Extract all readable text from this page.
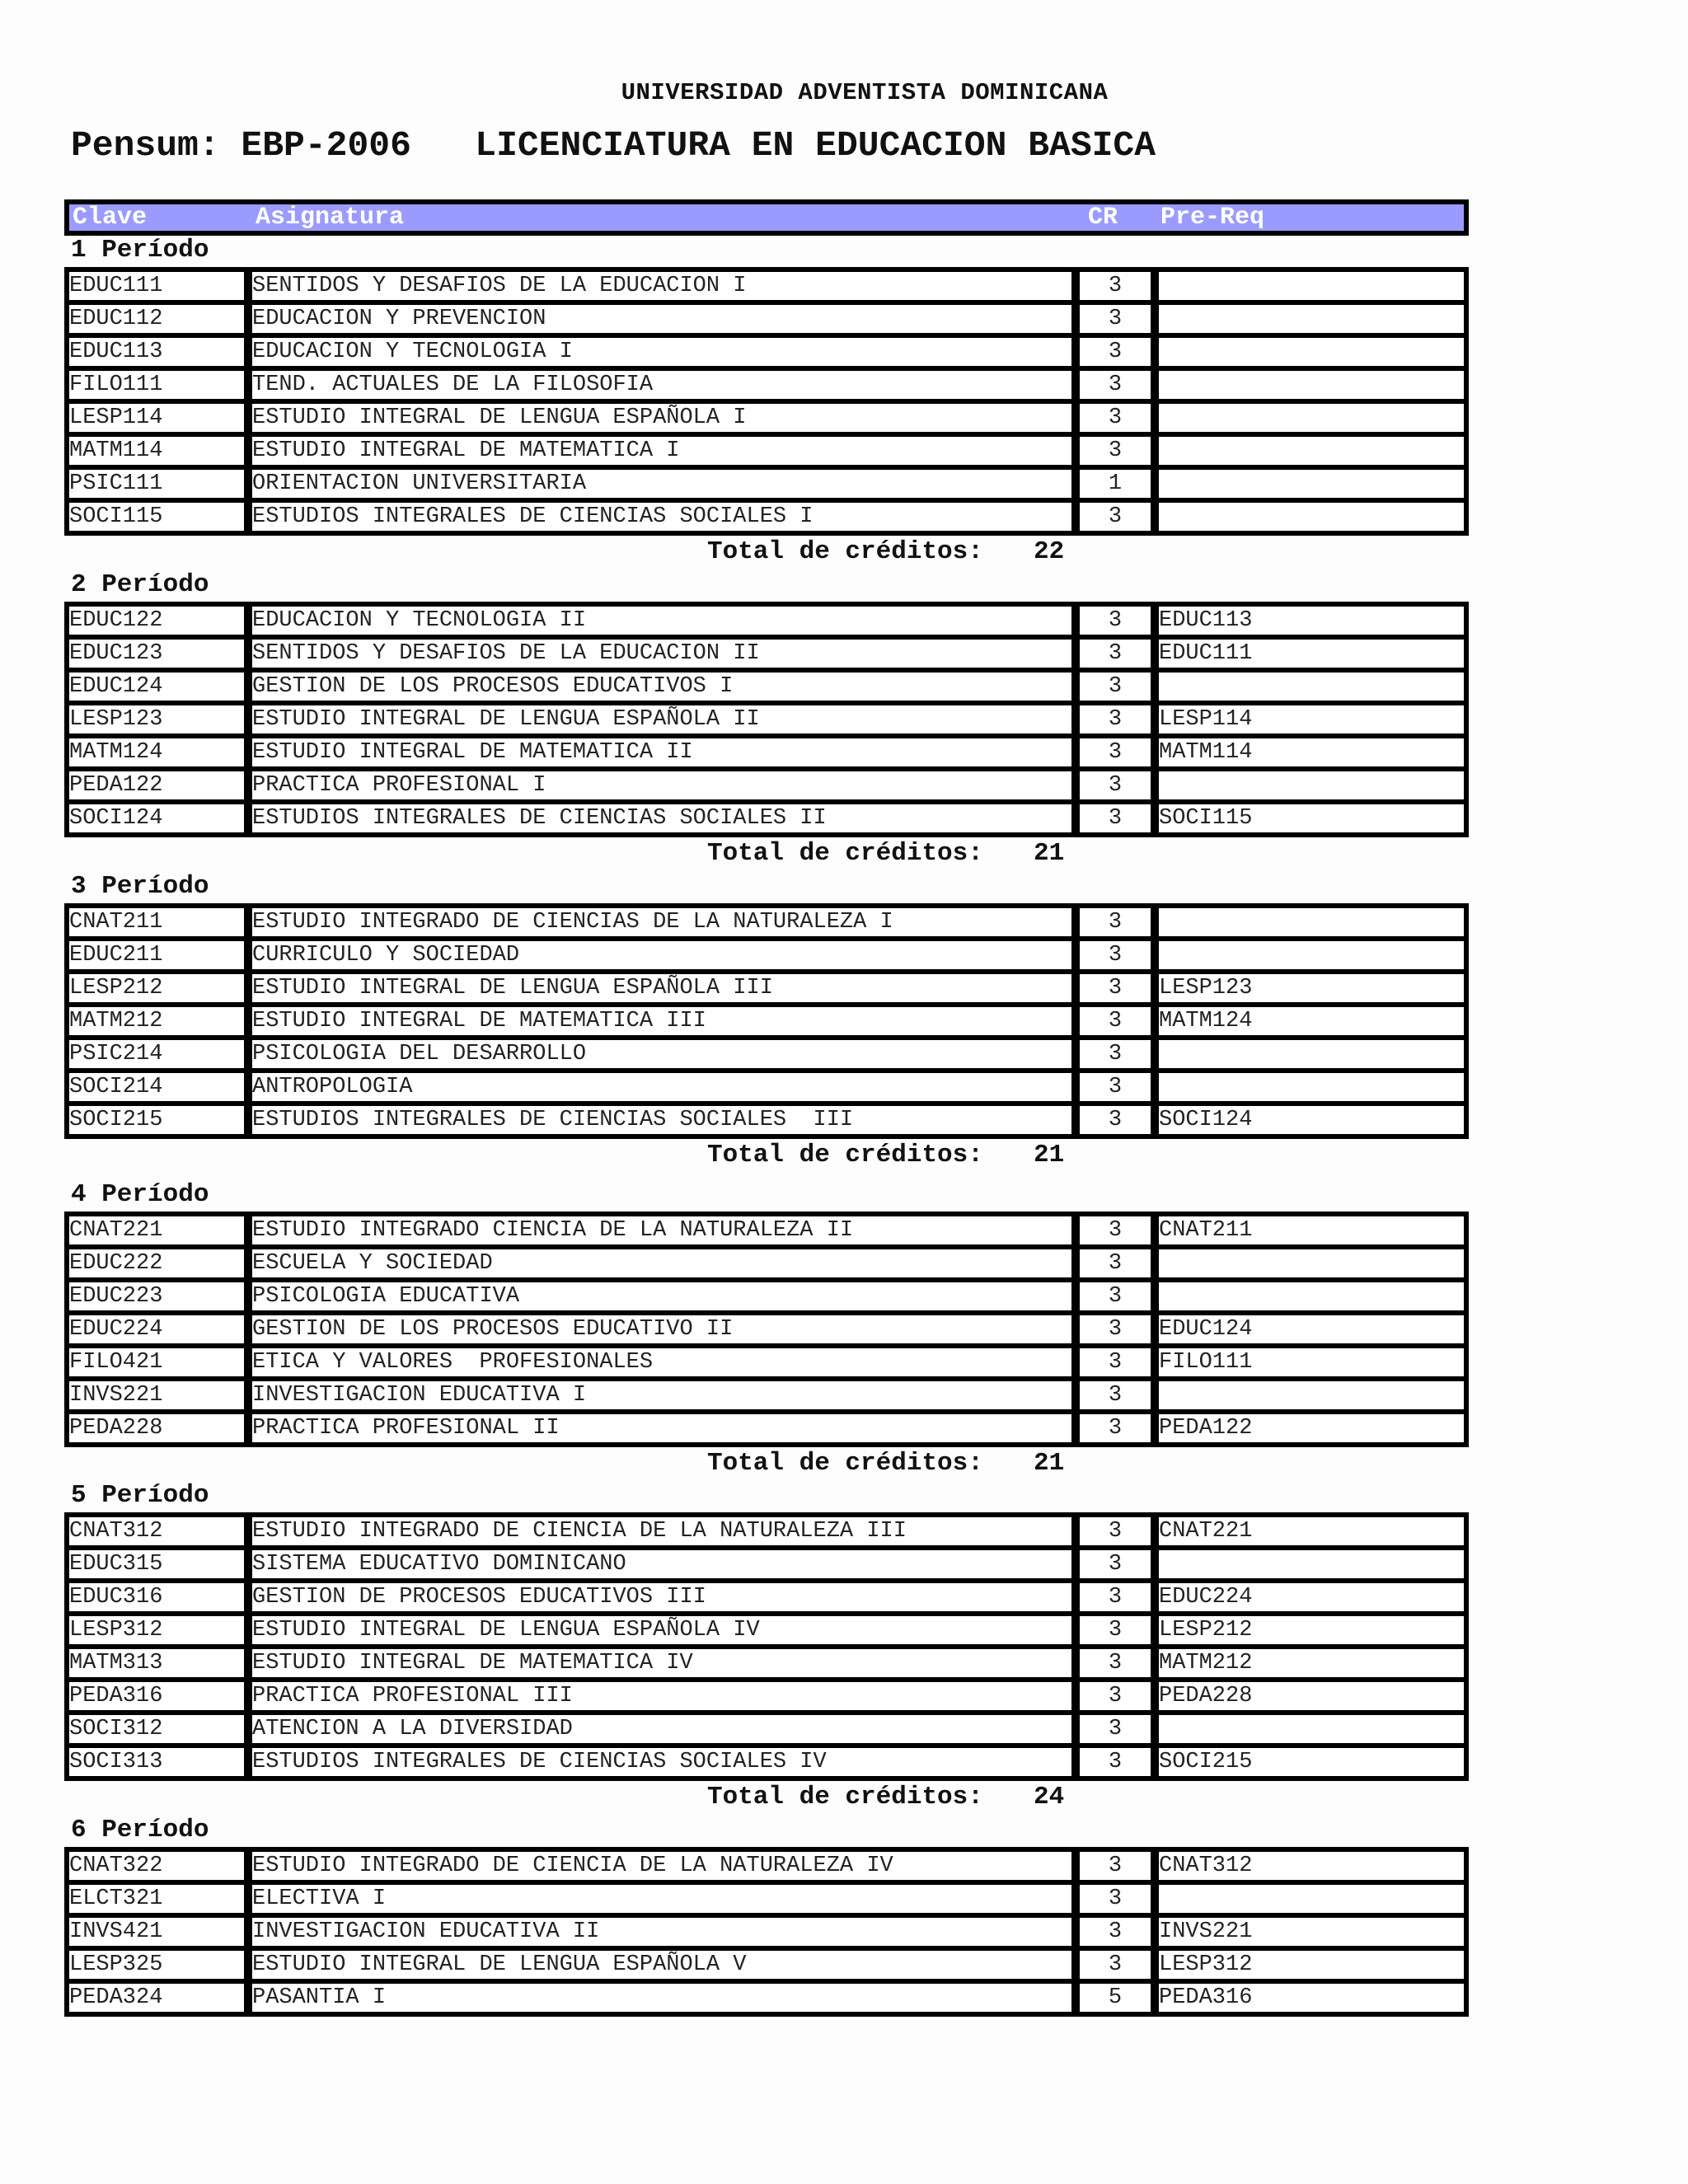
UNIVERSIDAD ADVENTISTA DOMINICANA
Pensum: EBP-2006 LICENCIATURA EN EDUCACION BASICA
Clave	Asignatura	CR Pre-Req
1 Período
EDUC111	SENTIDOS Y DESAFIOS DE LA EDUCACION I	3
EDUC112	EDUCACION Y PREVENCION	3
EDUC113	EDUCACION Y TECNOLOGIA I	3
FILO111	TEND. ACTUALES DE LA FILOSOFIA	3
LESP114	ESTUDIO INTEGRAL DE LENGUA ESPAÑOLA I	3
MATM114	ESTUDIO INTEGRAL DE MATEMATICA I	3
PSIC111	ORIENTACION UNIVERSITARIA	1
SOCI115	ESTUDIOS INTEGRALES DE CIENCIAS SOCIALES I	3
Total de créditos: 22
2 Período
EDUC122	EDUCACION Y TECNOLOGIA II	3	EDUC113
EDUC123	SENTIDOS Y DESAFIOS DE LA EDUCACION II	3	EDUC111
EDUC124	GESTION DE LOS PROCESOS EDUCATIVOS I	3
LESP123	ESTUDIO INTEGRAL DE LENGUA ESPAÑOLA II	3	LESP114
MATM124	ESTUDIO INTEGRAL DE MATEMATICA II	3	MATM114
PEDA122	PRACTICA PROFESIONAL I	3
SOCI124	ESTUDIOS INTEGRALES DE CIENCIAS SOCIALES II	3	SOCI115
Total de créditos: 21
3 Período
CNAT211	ESTUDIO INTEGRADO DE CIENCIAS DE LA NATURALEZA I	3
EDUC211	CURRICULO Y SOCIEDAD	3
LESP212	ESTUDIO INTEGRAL DE LENGUA ESPAÑOLA III	3	LESP123
MATM212	ESTUDIO INTEGRAL DE MATEMATICA III	3	MATM124
PSIC214	PSICOLOGIA DEL DESARROLLO	3
SOCI214	ANTROPOLOGIA	3
SOCI215	ESTUDIOS INTEGRALES DE CIENCIAS SOCIALES  III	3	SOCI124
Total de créditos: 21
4 Período
CNAT221	ESTUDIO INTEGRADO CIENCIA DE LA NATURALEZA II	3	CNAT211
EDUC222	ESCUELA Y SOCIEDAD	3
EDUC223	PSICOLOGIA EDUCATIVA	3
EDUC224	GESTION DE LOS PROCESOS EDUCATIVO II	3	EDUC124
FILO421	ETICA Y VALORES  PROFESIONALES	3	FILO111
INVS221	INVESTIGACION EDUCATIVA I	3
PEDA228	PRACTICA PROFESIONAL II	3	PEDA122
Total de créditos: 21
5 Período
CNAT312	ESTUDIO INTEGRADO DE CIENCIA DE LA NATURALEZA III	3	CNAT221
EDUC315	SISTEMA EDUCATIVO DOMINICANO	3
EDUC316	GESTION DE PROCESOS EDUCATIVOS III	3	EDUC224
LESP312	ESTUDIO INTEGRAL DE LENGUA ESPAÑOLA IV	3	LESP212
MATM313	ESTUDIO INTEGRAL DE MATEMATICA IV	3	MATM212
PEDA316	PRACTICA PROFESIONAL III	3	PEDA228
SOCI312	ATENCION A LA DIVERSIDAD	3
SOCI313	ESTUDIOS INTEGRALES DE CIENCIAS SOCIALES IV	3	SOCI215
Total de créditos: 24
6 Período
CNAT322	ESTUDIO INTEGRADO DE CIENCIA DE LA NATURALEZA IV	3	CNAT312
ELCT321	ELECTIVA I	3
INVS421	INVESTIGACION EDUCATIVA II	3	INVS221
LESP325	ESTUDIO INTEGRAL DE LENGUA ESPAÑOLA V	3	LESP312
PEDA324	PASANTIA I	5	PEDA316
